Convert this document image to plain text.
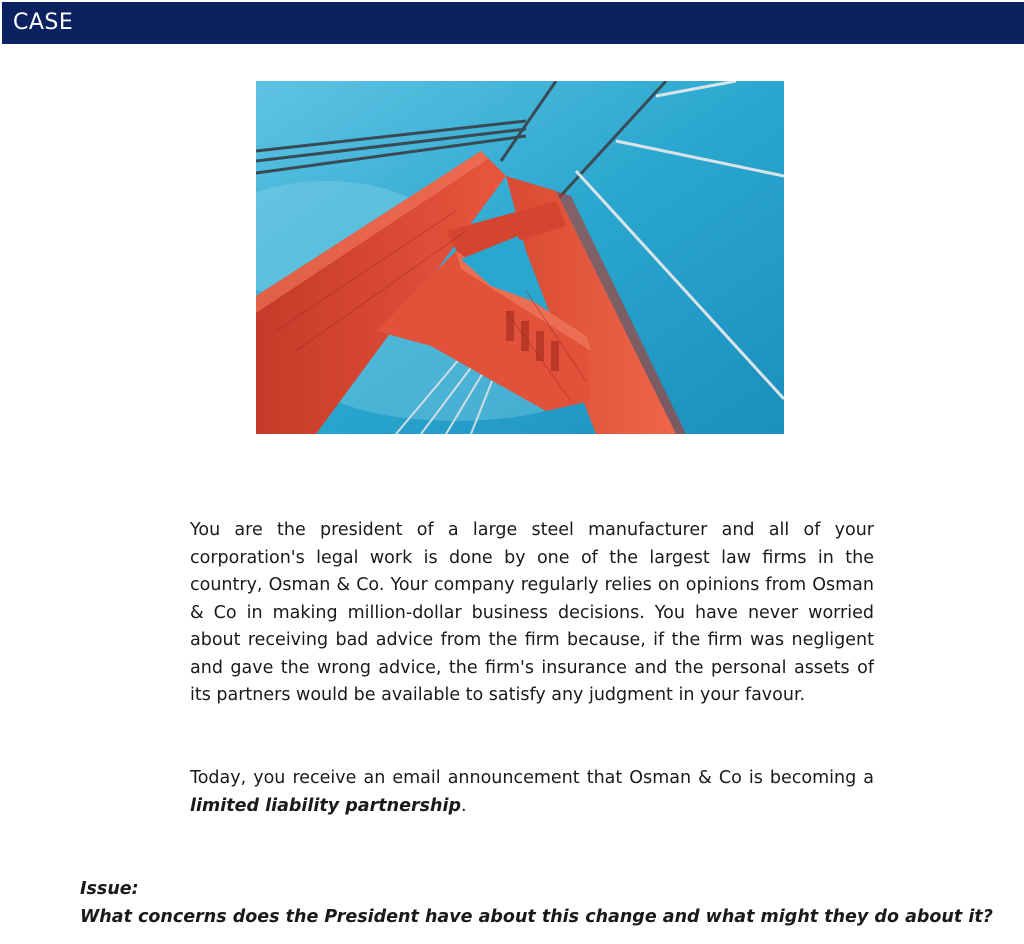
CASE

You are the president of a large steel manufacturer and all of your corporation's legal work is done by one of the largest law firms in the country, Osman & Co. Your company regularly relies on opinions from Osman & Co in making million-dollar business decisions. You have never worried about receiving bad advice from the firm because, if the firm was negligent and gave the wrong advice, the firm's insurance and the personal assets of its partners would be available to satisfy any judgment in your favour.

Today, you receive an email announcement that Osman & Co is becoming a limited liability partnership.

Issue:

What concerns does the President have about this change and what might they do about it?
